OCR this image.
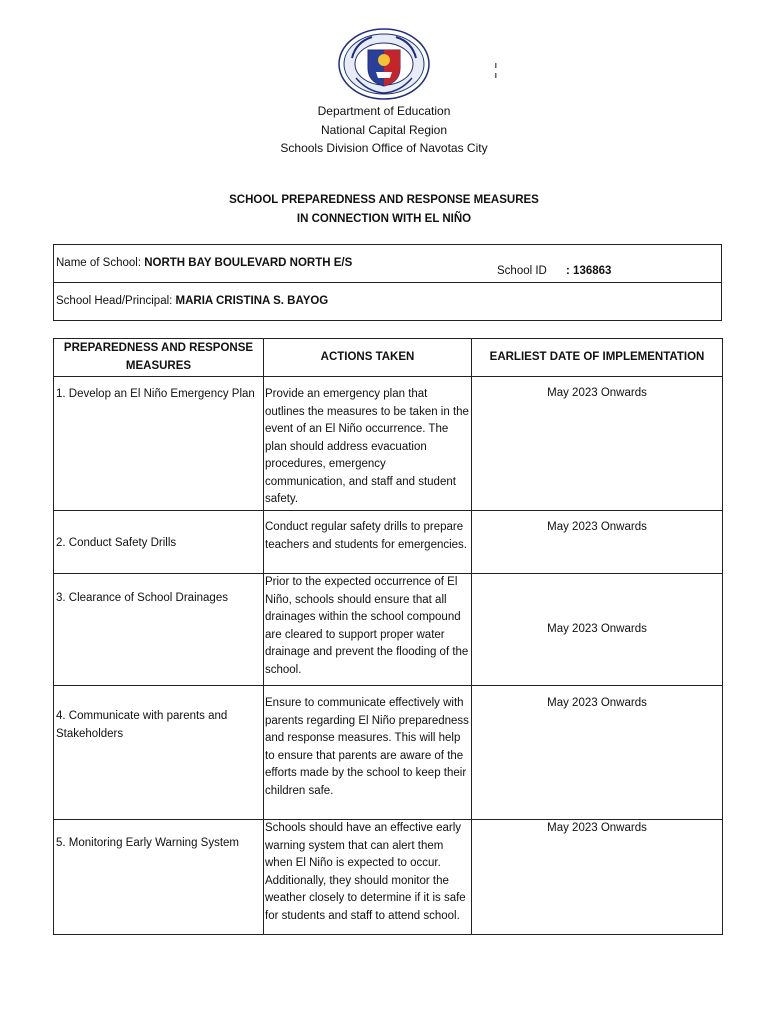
Department of Education
National Capital Region
Schools Division Office of Navotas City
SCHOOL PREPAREDNESS AND RESPONSE MEASURES
IN CONNECTION WITH EL NIÑO
Name of School: NORTH BAY BOULEVARD NORTH E/S
School ID : 136863
School Head/Principal: MARIA CRISTINA S. BAYOG
PREPAREDNESS AND RESPONSE MEASURES	ACTIONS TAKEN	EARLIEST DATE OF IMPLEMENTATION
1. Develop an El Niño Emergency Plan	Provide an emergency plan that outlines the measures to be taken in the event of an El Niño occurrence. The plan should address evacuation procedures, emergency communication, and staff and student safety.	May 2023 Onwards
2. Conduct Safety Drills	Conduct regular safety drills to prepare teachers and students for emergencies.	May 2023 Onwards
3. Clearance of School Drainages	Prior to the expected occurrence of El Niño, schools should ensure that all drainages within the school compound are cleared to support proper water drainage and prevent the flooding of the school.	May 2023 Onwards
4. Communicate with parents and Stakeholders	Ensure to communicate effectively with parents regarding El Niño preparedness and response measures. This will help to ensure that parents are aware of the efforts made by the school to keep their children safe.	May 2023 Onwards
5. Monitoring Early Warning System	Schools should have an effective early warning system that can alert them when El Niño is expected to occur. Additionally, they should monitor the weather closely to determine if it is safe for students and staff to attend school.	May 2023 Onwards
